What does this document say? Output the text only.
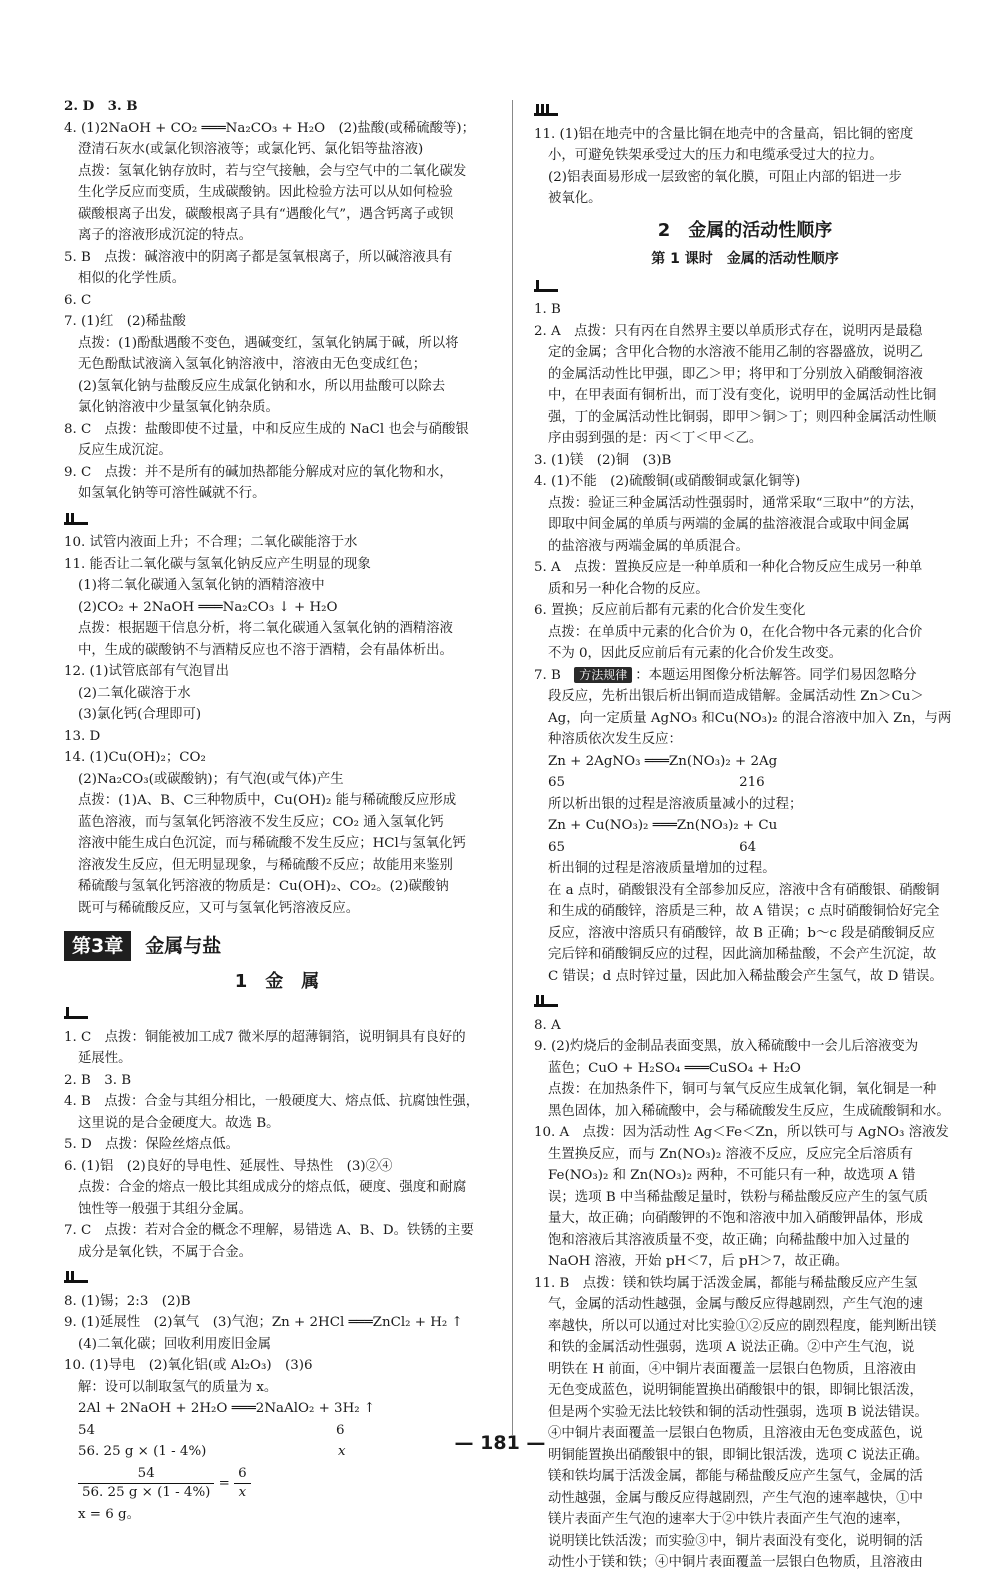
2. D　3. B

4. (1)2NaOH + CO₂ ═══Na₂CO₃ + H₂O　(2)盐酸(或稀硫酸等)；

澄清石灰水(或氯化钡溶液等；或氯化钙、氯化铝等盐溶液)

点拨：氢氧化钠存放时，若与空气接触，会与空气中的二氧化碳发

生化学反应而变质，生成碳酸钠。因此检验方法可以从如何检验

碳酸根离子出发，碳酸根离子具有“遇酸化气”，遇含钙离子或钡

离子的溶液形成沉淀的特点。

5. B　点拨：碱溶液中的阴离子都是氢氧根离子，所以碱溶液具有

相似的化学性质。

6. C

7. (1)红　(2)稀盐酸

点拨：(1)酚酞遇酸不变色，遇碱变红，氢氧化钠属于碱，所以将

无色酚酞试液滴入氢氧化钠溶液中，溶液由无色变成红色；

(2)氢氧化钠与盐酸反应生成氯化钠和水，所以用盐酸可以除去

氯化钠溶液中少量氢氧化钠杂质。

8. C　点拨：盐酸即使不过量，中和反应生成的 NaCl 也会与硝酸银

反应生成沉淀。

9. C　点拨：并不是所有的碱加热都能分解成对应的氧化物和水，

如氢氧化钠等可溶性碱就不行。

10. 试管内液面上升；不合理；二氧化碳能溶于水

11. 能否让二氧化碳与氢氧化钠反应产生明显的现象

(1)将二氧化碳通入氢氧化钠的酒精溶液中

(2)CO₂ + 2NaOH ═══Na₂CO₃ ↓ + H₂O

点拨：根据题干信息分析，将二氧化碳通入氢氧化钠的酒精溶液

中，生成的碳酸钠不与酒精反应也不溶于酒精，会有晶体析出。

12. (1)试管底部有气泡冒出

(2)二氧化碳溶于水

(3)氯化钙(合理即可)

13. D

14. (1)Cu(OH)₂；CO₂

(2)Na₂CO₃(或碳酸钠)；有气泡(或气体)产生

点拨：(1)A、B、C三种物质中，Cu(OH)₂ 能与稀硫酸反应形成

蓝色溶液，而与氢氧化钙溶液不发生反应；CO₂ 通入氢氧化钙

溶液中能生成白色沉淀，而与稀硫酸不发生反应；HCl与氢氧化钙

溶液发生反应，但无明显现象，与稀硫酸不反应；故能用来鉴别

稀硫酸与氢氧化钙溶液的物质是：Cu(OH)₂、CO₂。(2)碳酸钠

既可与稀硫酸反应，又可与氢氧化钙溶液反应。

第3章 金属与盐
1　金　属

1. C　点拨：铜能被加工成7 微米厚的超薄铜箔，说明铜具有良好的

延展性。

2. B　3. B

4. B　点拨：合金与其组分相比，一般硬度大、熔点低、抗腐蚀性强，

这里说的是合金硬度大。故选 B。

5. D　点拨：保险丝熔点低。

6. (1)铝　(2)良好的导电性、延展性、导热性　(3)②④

点拨：合金的熔点一般比其组成成分的熔点低，硬度、强度和耐腐

蚀性等一般强于其组分金属。

7. C　点拨：若对合金的概念不理解，易错选 A、B、D。铁锈的主要

成分是氧化铁，不属于合金。

8. (1)锡；2:3　(2)B

9. (1)延展性　(2)氧气　(3)气泡；Zn + 2HCl ═══ZnCl₂ + H₂ ↑

(4)二氧化碳；回收利用废旧金属

10. (1)导电　(2)氧化铝(或 Al₂O₃)　(3)6

解：设可以制取氢气的质量为 x。

2Al + 2NaOH + 2H₂O ═══2NaAlO₂ + 3H₂ ↑

54	6
56. 25 g × (1 - 4%)	x
$\frac{54}{56. 25 g \times (1 - 4\%)} = \frac{6}{x}$

x = 6 g。

11. (1)铝在地壳中的含量比铜在地壳中的含量高，铝比铜的密度

小，可避免铁架承受过大的压力和电缆承受过大的拉力。

(2)铝表面易形成一层致密的氧化膜，可阻止内部的铝进一步

被氧化。

2　金属的活动性顺序
第 1 课时　金属的活动性顺序

1. B

2. A　点拨：只有丙在自然界主要以单质形式存在，说明丙是最稳

定的金属；含甲化合物的水溶液不能用乙制的容器盛放，说明乙

的金属活动性比甲强，即乙＞甲；将甲和丁分别放入硝酸铜溶液

中，在甲表面有铜析出，而丁没有变化，说明甲的金属活动性比铜

强，丁的金属活动性比铜弱，即甲＞铜＞丁；则四种金属活动性顺

序由弱到强的是：丙＜丁＜甲＜乙。

3. (1)镁　(2)铜　(3)B

4. (1)不能　(2)硫酸铜(或硝酸铜或氯化铜等)

点拨：验证三种金属活动性强弱时，通常采取“三取中”的方法，

即取中间金属的单质与两端的金属的盐溶液混合或取中间金属

的盐溶液与两端金属的单质混合。

5. A　点拨：置换反应是一种单质和一种化合物反应生成另一种单

质和另一种化合物的反应。

6. 置换；反应前后都有元素的化合价发生变化

点拨：在单质中元素的化合价为 0，在化合物中各元素的化合价

不为 0，因此反应前后有元素的化合价发生改变。

7. B　 方法规律 ：本题运用图像分析法解答。同学们易因忽略分

段反应，先析出银后析出铜而造成错解。金属活动性 Zn＞Cu＞

Ag，向一定质量 AgNO₃ 和Cu(NO₃)₂ 的混合溶液中加入 Zn，与两

种溶质依次发生反应：

Zn + 2AgNO₃ ═══Zn(NO₃)₂ + 2Ag

65　　　　　　　　　　　　　216

所以析出银的过程是溶液质量减小的过程；

Zn + Cu(NO₃)₂ ═══Zn(NO₃)₂ + Cu

65　　　　　　　　　　　　　64

析出铜的过程是溶液质量增加的过程。

在 a 点时，硝酸银没有全部参加反应，溶液中含有硝酸银、硝酸铜

和生成的硝酸锌，溶质是三种，故 A 错误；c 点时硝酸铜恰好完全

反应，溶液中溶质只有硝酸锌，故 B 正确；b～c 段是硝酸铜反应

完后锌和硝酸铜反应的过程，因此滴加稀盐酸，不会产生沉淀，故

C 错误；d 点时锌过量，因此加入稀盐酸会产生氢气，故 D 错误。

8. A

9. (2)灼烧后的金制品表面变黑，放入稀硫酸中一会儿后溶液变为

蓝色；CuO + H₂SO₄ ═══CuSO₄ + H₂O

点拨：在加热条件下，铜可与氧气反应生成氧化铜，氧化铜是一种

黑色固体，加入稀硫酸中，会与稀硫酸发生反应，生成硫酸铜和水。

10. A　点拨：因为活动性 Ag＜Fe＜Zn，所以铁可与 AgNO₃ 溶液发

生置换反应，而与 Zn(NO₃)₂ 溶液不反应，反应完全后溶质有

Fe(NO₃)₂ 和 Zn(NO₃)₂ 两种，不可能只有一种，故选项 A 错

误；选项 B 中当稀盐酸足量时，铁粉与稀盐酸反应产生的氢气质

量大，故正确；向硝酸钾的不饱和溶液中加入硝酸钾晶体，形成

饱和溶液后其溶液质量不变，故正确；向稀盐酸中加入过量的

NaOH 溶液，开始 pH＜7，后 pH＞7，故正确。

11. B　点拨：镁和铁均属于活泼金属，都能与稀盐酸反应产生氢

气，金属的活动性越强，金属与酸反应得越剧烈，产生气泡的速

率越快，所以可以通过对比实验①②反应的剧烈程度，能判断出镁

和铁的金属活动性强弱，选项 A 说法正确。②中产生气泡，说

明铁在 H 前面，④中铜片表面覆盖一层银白色物质，且溶液由

无色变成蓝色，说明铜能置换出硝酸银中的银，即铜比银活泼，

但是两个实验无法比较铁和铜的活动性强弱，选项 B 说法错误。

④中铜片表面覆盖一层银白色物质，且溶液由无色变成蓝色，说

明铜能置换出硝酸银中的银，即铜比银活泼，选项 C 说法正确。

镁和铁均属于活泼金属，都能与稀盐酸反应产生氢气，金属的活

动性越强，金属与酸反应得越剧烈，产生气泡的速率越快，①中

镁片表面产生气泡的速率大于②中铁片表面产生气泡的速率，

说明镁比铁活泼；而实验③中，铜片表面没有变化，说明铜的活

动性小于镁和铁；④中铜片表面覆盖一层银白色物质，且溶液由

— 181 —
